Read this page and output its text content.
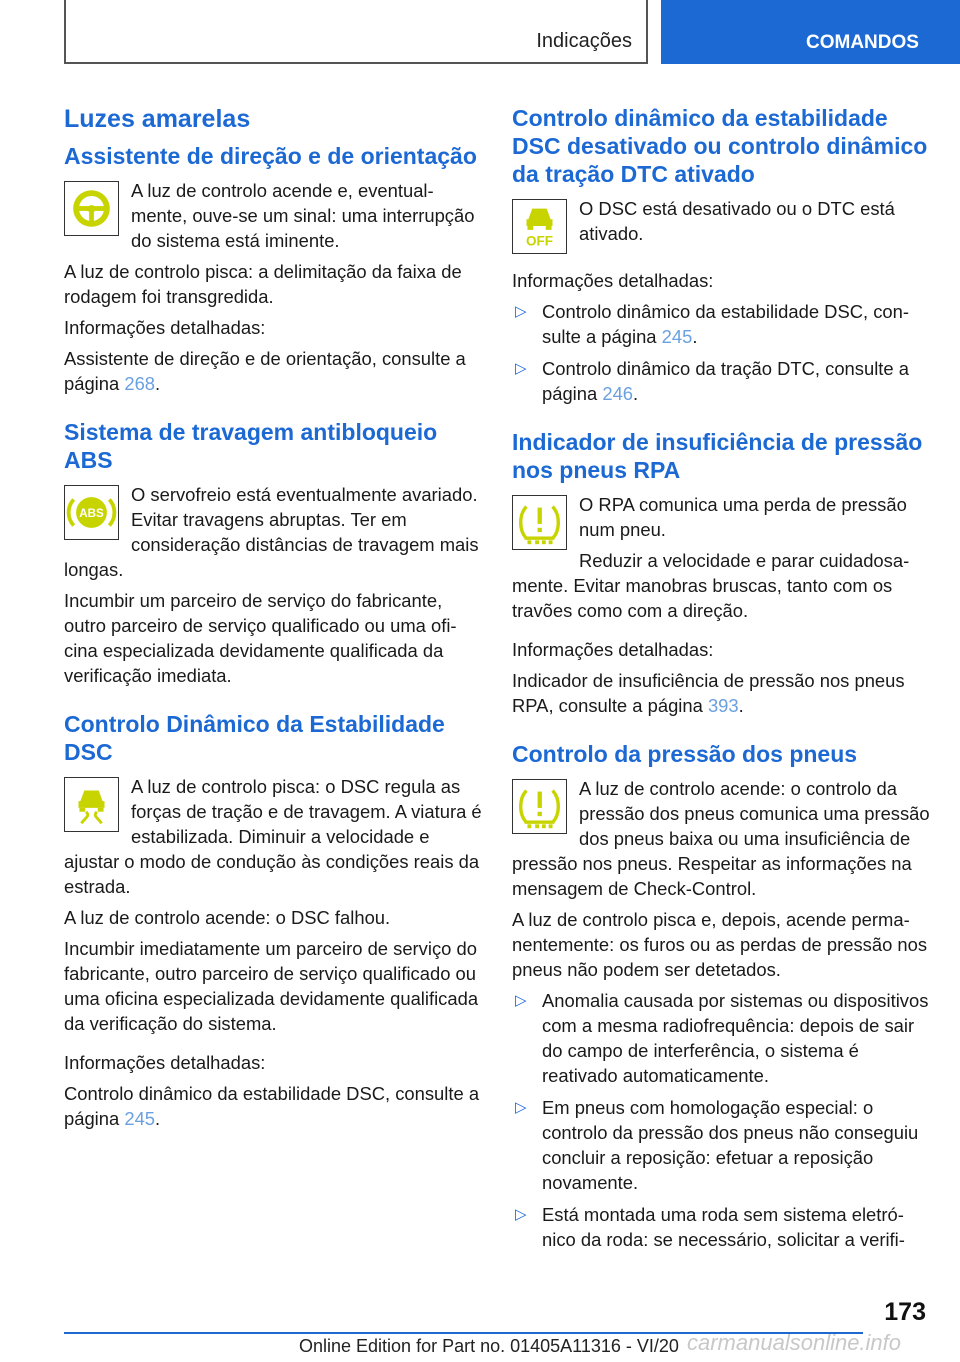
Indicações	COMANDOS
Luzes amarelas
Assistente de direção e de orientação

A luz de controlo acende e, eventualmente, ouve-se um sinal: uma interrupção do sistema está iminente.

A luz de controlo pisca: a delimitação da faixa de rodagem foi transgredida.

Informações detalhadas:

Assistente de direção e de orientação, consulte a página 268.

Sistema de travagem antibloqueio ABS
ABS

O servofreio está eventualmente avariado. Evitar travagens abruptas. Ter em consideração distâncias de travagem mais longas.

Incumbir um parceiro de serviço do fabricante, outro parceiro de serviço qualificado ou uma oficina especializada devidamente qualificada da verificação imediata.

Controlo Dinâmico da Estabilidade DSC

A luz de controlo pisca: o DSC regula as forças de tração e de travagem. A viatura é estabilizada. Diminuir a velocidade e ajustar o modo de condução às condições reais da estrada.

A luz de controlo acende: o DSC falhou.

Incumbir imediatamente um parceiro de serviço do fabricante, outro parceiro de serviço qualificado ou uma oficina especializada devidamente qualificada da verificação do sistema.

Informações detalhadas:

Controlo dinâmico da estabilidade DSC, consulte a página 245.

Controlo dinâmico da estabilidade DSC desativado ou controlo dinâmico da tração DTC ativado
OFF

O DSC está desativado ou o DTC está ativado.

Informações detalhadas:

▷ Controlo dinâmico da estabilidade DSC, consulte a página 245.
▷ Controlo dinâmico da tração DTC, consulte a página 246.
Indicador de insuficiência de pressão nos pneus RPA

O RPA comunica uma perda de pressão num pneu.

Reduzir a velocidade e parar cuidadosamente. Evitar manobras bruscas, tanto com os travões como com a direção.

Informações detalhadas:

Indicador de insuficiência de pressão nos pneus RPA, consulte a página 393.

Controlo da pressão dos pneus

A luz de controlo acende: o controlo da pressão dos pneus comunica uma pressão dos pneus baixa ou uma insuficiência de pressão nos pneus. Respeitar as informações na mensagem de Check-Control.

A luz de controlo pisca e, depois, acende permanentemente: os furos ou as perdas de pressão nos pneus não podem ser detetados.

▷ Anomalia causada por sistemas ou dispositivos com a mesma radiofrequência: depois de sair do campo de interferência, o sistema é reativado automaticamente.
▷ Em pneus com homologação especial: o controlo da pressão dos pneus não conseguiu concluir a reposição: efetuar a reposição novamente.
▷ Está montada uma roda sem sistema eletrónico da roda: se necessário, solicitar a verifi-
173
Online Edition for Part no. 01405A11316 - VI/20 carmanualsonline.info
